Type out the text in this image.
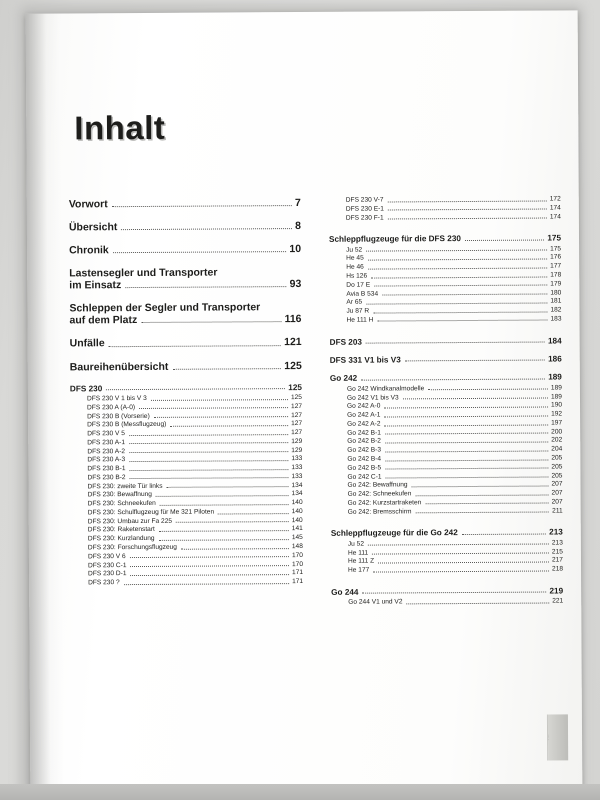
Inhalt
Vorwort	7
Übersicht	8
Chronik	10
Lastensegler und Transporter
im Einsatz	93
Schleppen der Segler und Transporter
auf dem Platz	116
Unfälle	121
Baureihenübersicht	125
DFS 230	125
DFS 230 V 1 bis V 3	125
DFS 230 A (A-0)	127
DFS 230 B (Vorserie)	127
DFS 230 B (Messflugzeug)	127
DFS 230 V 5	127
DFS 230 A-1	129
DFS 230 A-2	129
DFS 230 A-3	133
DFS 230 B-1	133
DFS 230 B-2	133
DFS 230: zweite Tür links	134
DFS 230: Bewaffnung	134
DFS 230: Schneekufen	140
DFS 230: Schulflugzeug für Me 321 Piloten	140
DFS 230: Umbau zur Fa 225	140
DFS 230: Raketenstart	141
DFS 230: Kurzlandung	145
DFS 230: Forschungsflugzeug	148
DFS 230 V 6	170
DFS 230 C-1	170
DFS 230 D-1	171
DFS 230 ?	171
DFS 230 V-7	172
DFS 230 E-1	174
DFS 230 F-1	174
Schleppflugzeuge für die DFS 230	175
Ju 52	175
He 45	176
He 46	177
Hs 126	178
Do 17 E	179
Avia B 534	180
Ar 65	181
Ju 87 R	182
He 111 H	183
DFS 203	184
DFS 331 V1 bis V3	186
Go 242	189
Go 242 Windkanalmodelle	189
Go 242 V1 bis V3	189
Go 242 A-0	190
Go 242 A-1	192
Go 242 A-2	197
Go 242 B-1	200
Go 242 B-2	202
Go 242 B-3	204
Go 242 B-4	205
Go 242 B-5	205
Go 242 C-1	205
Go 242: Bewaffnung	207
Go 242: Schneekufen	207
Go 242: Kurzstartraketen	207
Go 242: Bremsschirm	211
Schleppflugzeuge für die Go 242	213
Ju 52	213
He 111	215
He 111 Z	217
He 177	218
Go 244	219
Go 244 V1 und V2	221
